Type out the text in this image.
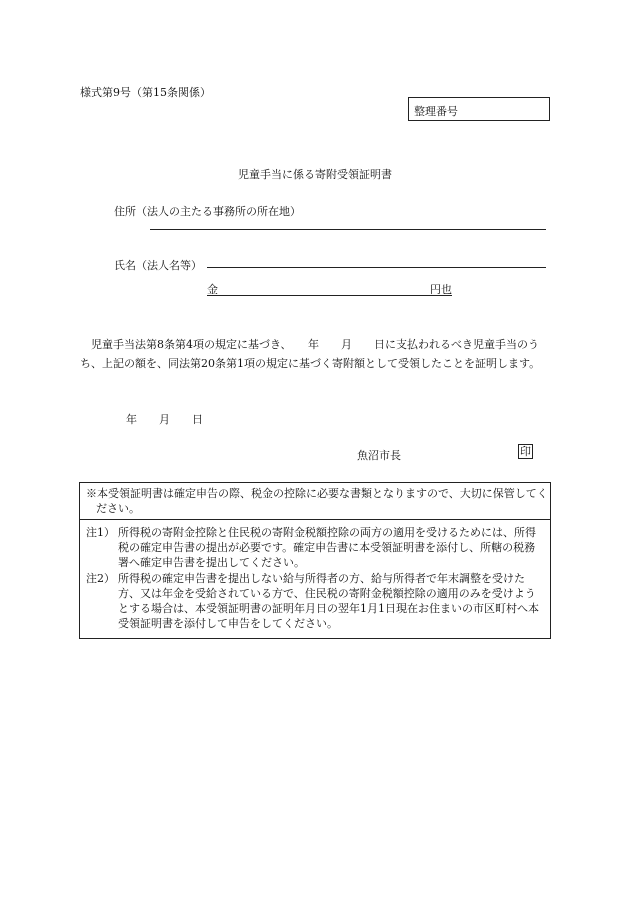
様式第9号（第15条関係）
整理番号
児童手当に係る寄附受領証明書
住所（法人の主たる事務所の所在地）
氏名（法人名等）
金	円也
児童手当法第8条第4項の規定に基づき、　　年　　月　　日に支払われるべき児童手当のうち、上記の額を、同法第20条第1項の規定に基づく寄附額として受領したことを証明します。
年 月 日
魚沼市長	印
※本受領証明書は確定申告の際、税金の控除に必要な書類となりますので、大切に保管してください。
注1） 所得税の寄附金控除と住民税の寄附金税額控除の両方の適用を受けるためには、所得税の確定申告書の提出が必要です。確定申告書に本受領証明書を添付し、所轄の税務署へ確定申告書を提出してください。
注2） 所得税の確定申告書を提出しない給与所得者の方、給与所得者で年末調整を受けた方、又は年金を受給されている方で、住民税の寄附金税額控除の適用のみを受けようとする場合は、本受領証明書の証明年月日の翌年1月1日現在お住まいの市区町村へ本受領証明書を添付して申告をしてください。
